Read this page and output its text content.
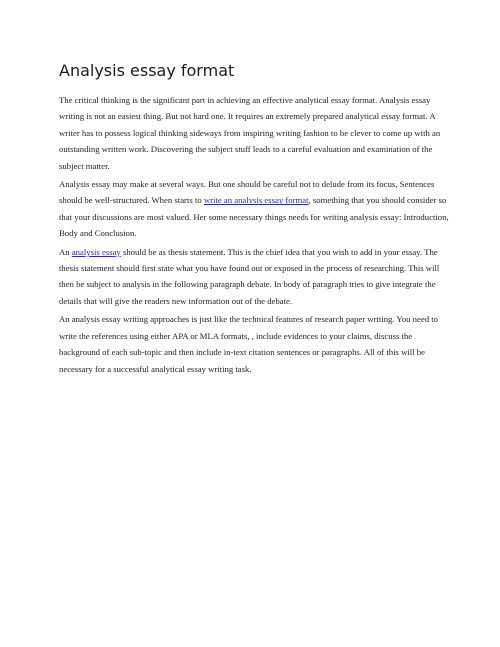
Analysis essay format

The critical thinking is the significant part in achieving an effective analytical essay format. Analysis essay writing is not an easiest thing. But not hard one. It requires an extremely prepared analytical essay format. A writer has to possess logical thinking sideways from inspiring writing fashion to be clever to come up with an outstanding written work. Discovering the subject stuff leads to a careful evaluation and examination of the subject matter.

Analysis essay may make at several ways. But one should be careful not to delude from its focus, Sentences should be well-structured. When starts to write an analysis essay format, something that you should consider so that your discussions are most valued. Her some necessary things needs for writing analysis essay: Introduction, Body and Conclusion.

An analysis essay should be as thesis statement. This is the chief idea that you wish to add in your essay. The thesis statement should first state what you have found out or exposed in the process of researching. This will then be subject to analysis in the following paragraph debate. In body of paragraph tries to give integrate the details that will give the readers new information out of the debate.

An analysis essay writing approaches is just like the technical features of research paper writing. You need to write the references using either APA or MLA formats, , include evidences to your claims, discuss the background of each sub-topic and then include in-text citation sentences or paragraphs. All of this will be necessary for a successful analytical essay writing task.
